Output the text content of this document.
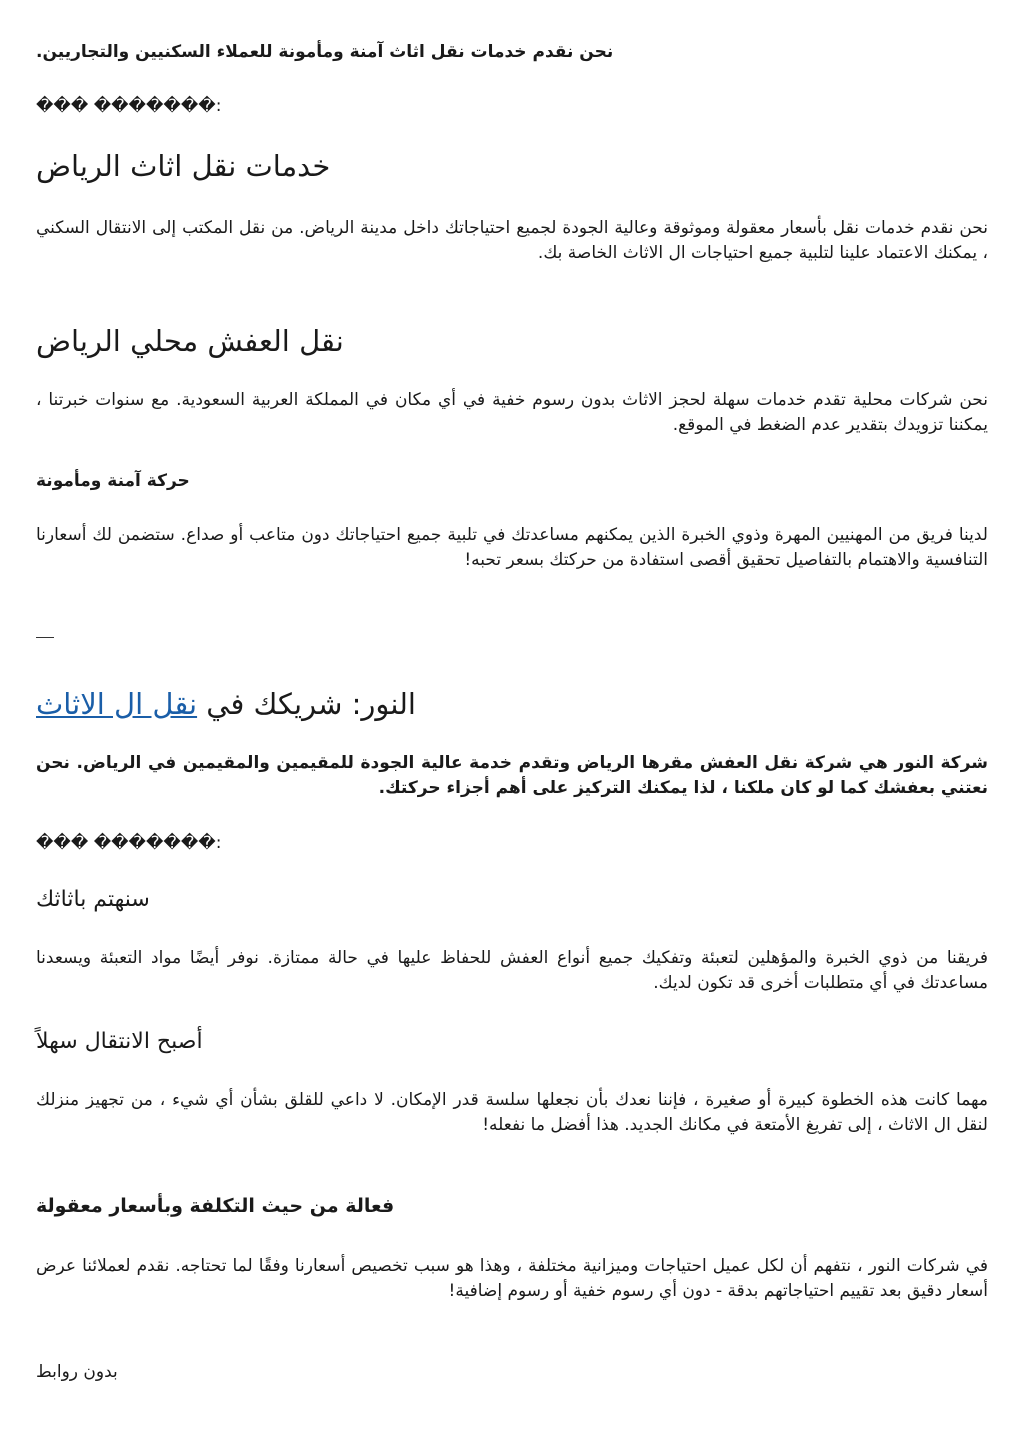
نحن نقدم خدمات نقل اثاث آمنة ومأمونة للعملاء السكنيين والتجاريين.

��� �������:
خدمات نقل اثاث الرياض

نحن نقدم خدمات نقل بأسعار معقولة وموثوقة وعالية الجودة لجميع احتياجاتك داخل مدينة الرياض. من نقل المكتب إلى الانتقال السكني ، يمكنك الاعتماد علينا لتلبية جميع احتياجات ال الاثاث الخاصة بك.

نقل العفش محلي الرياض

نحن شركات محلية تقدم خدمات سهلة لحجز الاثاث بدون رسوم خفية في أي مكان في المملكة العربية السعودية. مع سنوات خبرتنا ، يمكننا تزويدك بتقدير عدم الضغط في الموقع.

حركة آمنة ومأمونة

لدينا فريق من المهنيين المهرة وذوي الخبرة الذين يمكنهم مساعدتك في تلبية جميع احتياجاتك دون متاعب أو صداع. ستضمن لك أسعارنا التنافسية والاهتمام بالتفاصيل تحقيق أقصى استفادة من حركتك بسعر تحبه!

النور: شريكك في نقل ال الاثاث

شركة النور هي شركة نقل العفش مقرها الرياض وتقدم خدمة عالية الجودة للمقيمين والمقيمين في الرياض. نحن نعتني بعفشك كما لو كان ملكنا ، لذا يمكنك التركيز على أهم أجزاء حركتك.

��� �������:
سنهتم باثاثك

فريقنا من ذوي الخبرة والمؤهلين لتعبئة وتفكيك جميع أنواع العفش للحفاظ عليها في حالة ممتازة. نوفر أيضًا مواد التعبئة ويسعدنا مساعدتك في أي متطلبات أخرى قد تكون لديك.

أصبح الانتقال سهلاً

مهما كانت هذه الخطوة كبيرة أو صغيرة ، فإننا نعدك بأن نجعلها سلسة قدر الإمكان. لا داعي للقلق بشأن أي شيء ، من تجهيز منزلك لنقل ال الاثاث ، إلى تفريغ الأمتعة في مكانك الجديد. هذا أفضل ما نفعله!

فعالة من حيث التكلفة وبأسعار معقولة

في شركات النور ، نتفهم أن لكل عميل احتياجات وميزانية مختلفة ، وهذا هو سبب تخصيص أسعارنا وفقًا لما تحتاجه. نقدم لعملائنا عرض أسعار دقيق بعد تقييم احتياجاتهم بدقة - دون أي رسوم خفية أو رسوم إضافية!

بدون روابط
